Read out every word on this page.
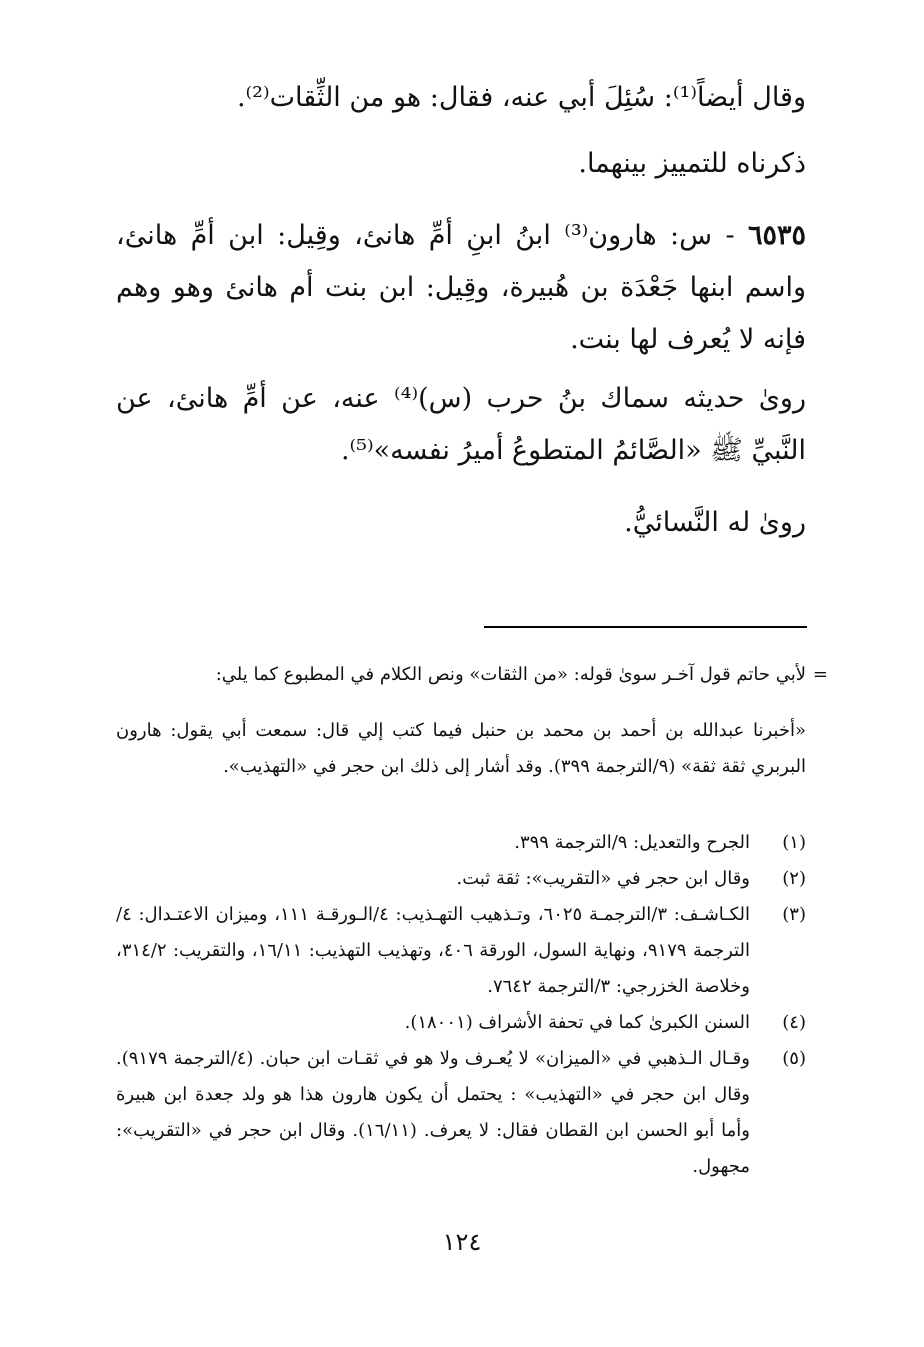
وقال أيضاً⁽¹⁾: سُئِلَ أبي عنه، فقال: هو من الثِّقات⁽²⁾.

ذكرناه للتمييز بينهما.

٦٥٣٥ - س: هارون⁽³⁾ ابنُ ابنِ أمِّ هانئ، وقِيل: ابن أمِّ هانئ، واسم ابنها جَعْدَة بن هُبيرة، وقِيل: ابن بنت أم هانئ وهو وهم فإنه لا يُعرف لها بنت.

روىٰ حديثه سماك بنُ حرب (س)⁽⁴⁾ عنه، عن أمِّ هانئ، عن النَّبيِّ ﷺ «الصَّائمُ المتطوعُ أميرُ نفسه»⁽⁵⁾.

روىٰ له النَّسائيُّ.

=

لأبي حاتم قول آخـر سوىٰ قوله: «من الثقات» ونص الكلام في المطبوع كما يلي:

«أخبرنا عبدالله بن أحمد بن محمد بن حنبل فيما كتب إلي قال: سمعت أبي يقول: هارون البربري ثقة ثقة» (٩/الترجمة ٣٩٩). وقد أشار إلى ذلك ابن حجر في «التهذيب».

(١)
الجرح والتعديل: ٩/الترجمة ٣٩٩.
(٢)
وقال ابن حجر في «التقريب»: ثقة ثبت.
(٣)
الكـاشـف: ٣/الترجمـة ٦٠٢٥، وتـذهيب التهـذيب: ٤/الـورقـة ١١١، وميزان الاعتـدال: ٤/الترجمة ٩١٧٩، ونهاية السول، الورقة ٤٠٦، وتهذيب التهذيب: ١٦/١١، والتقريب: ٣١٤/٢، وخلاصة الخزرجي: ٣/الترجمة ٧٦٤٢.
(٤)
السنن الكبرىٰ كما في تحفة الأشراف (١٨٠٠١).
(٥)
وقـال الـذهبي في «الميزان» لا يُعـرف ولا هو في ثقـات ابن حبان. (٤/الترجمة ٩١٧٩). وقال ابن حجر في «التهذيب» : يحتمل أن يكون هارون هذا هو ولد جعدة ابن هبيرة وأما أبو الحسن ابن القطان فقال: لا يعرف. (١٦/١١). وقال ابن حجر في «التقريب»: مجهول.
١٢٤
